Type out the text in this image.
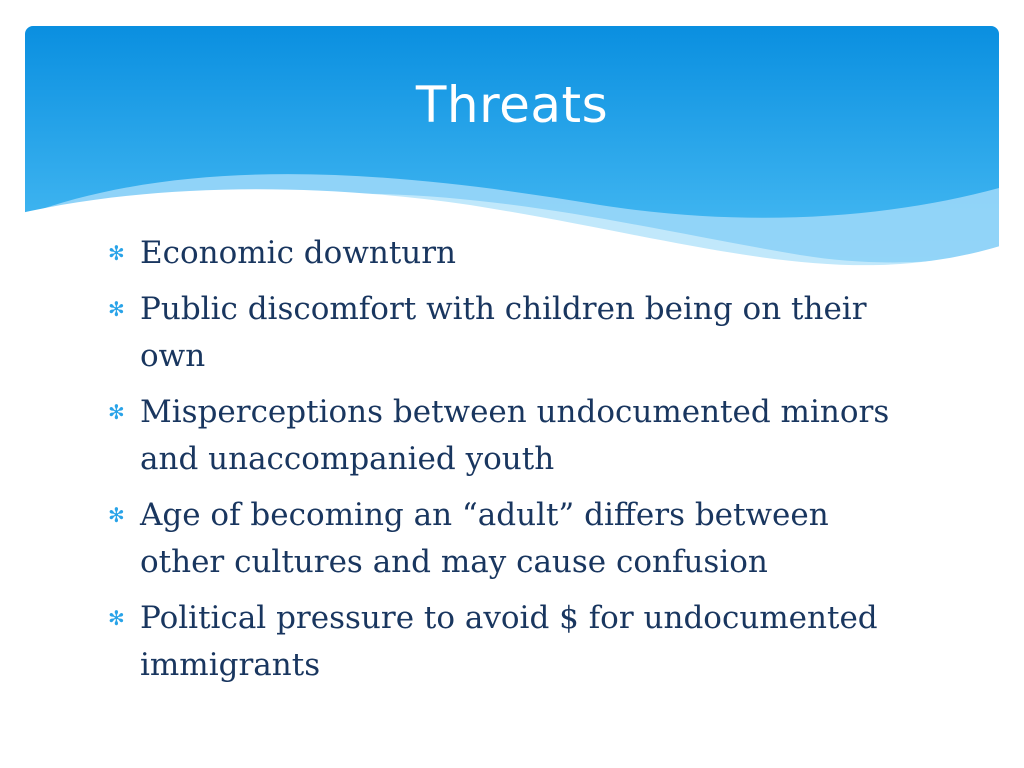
Threats
✻ Economic downturn
✻ Public discomfort with children being on their own
✻ Misperceptions between undocumented minors and unaccompanied youth
✻ Age of becoming an “adult” differs between other cultures and may cause confusion
✻ Political pressure to avoid $ for undocumented immigrants
